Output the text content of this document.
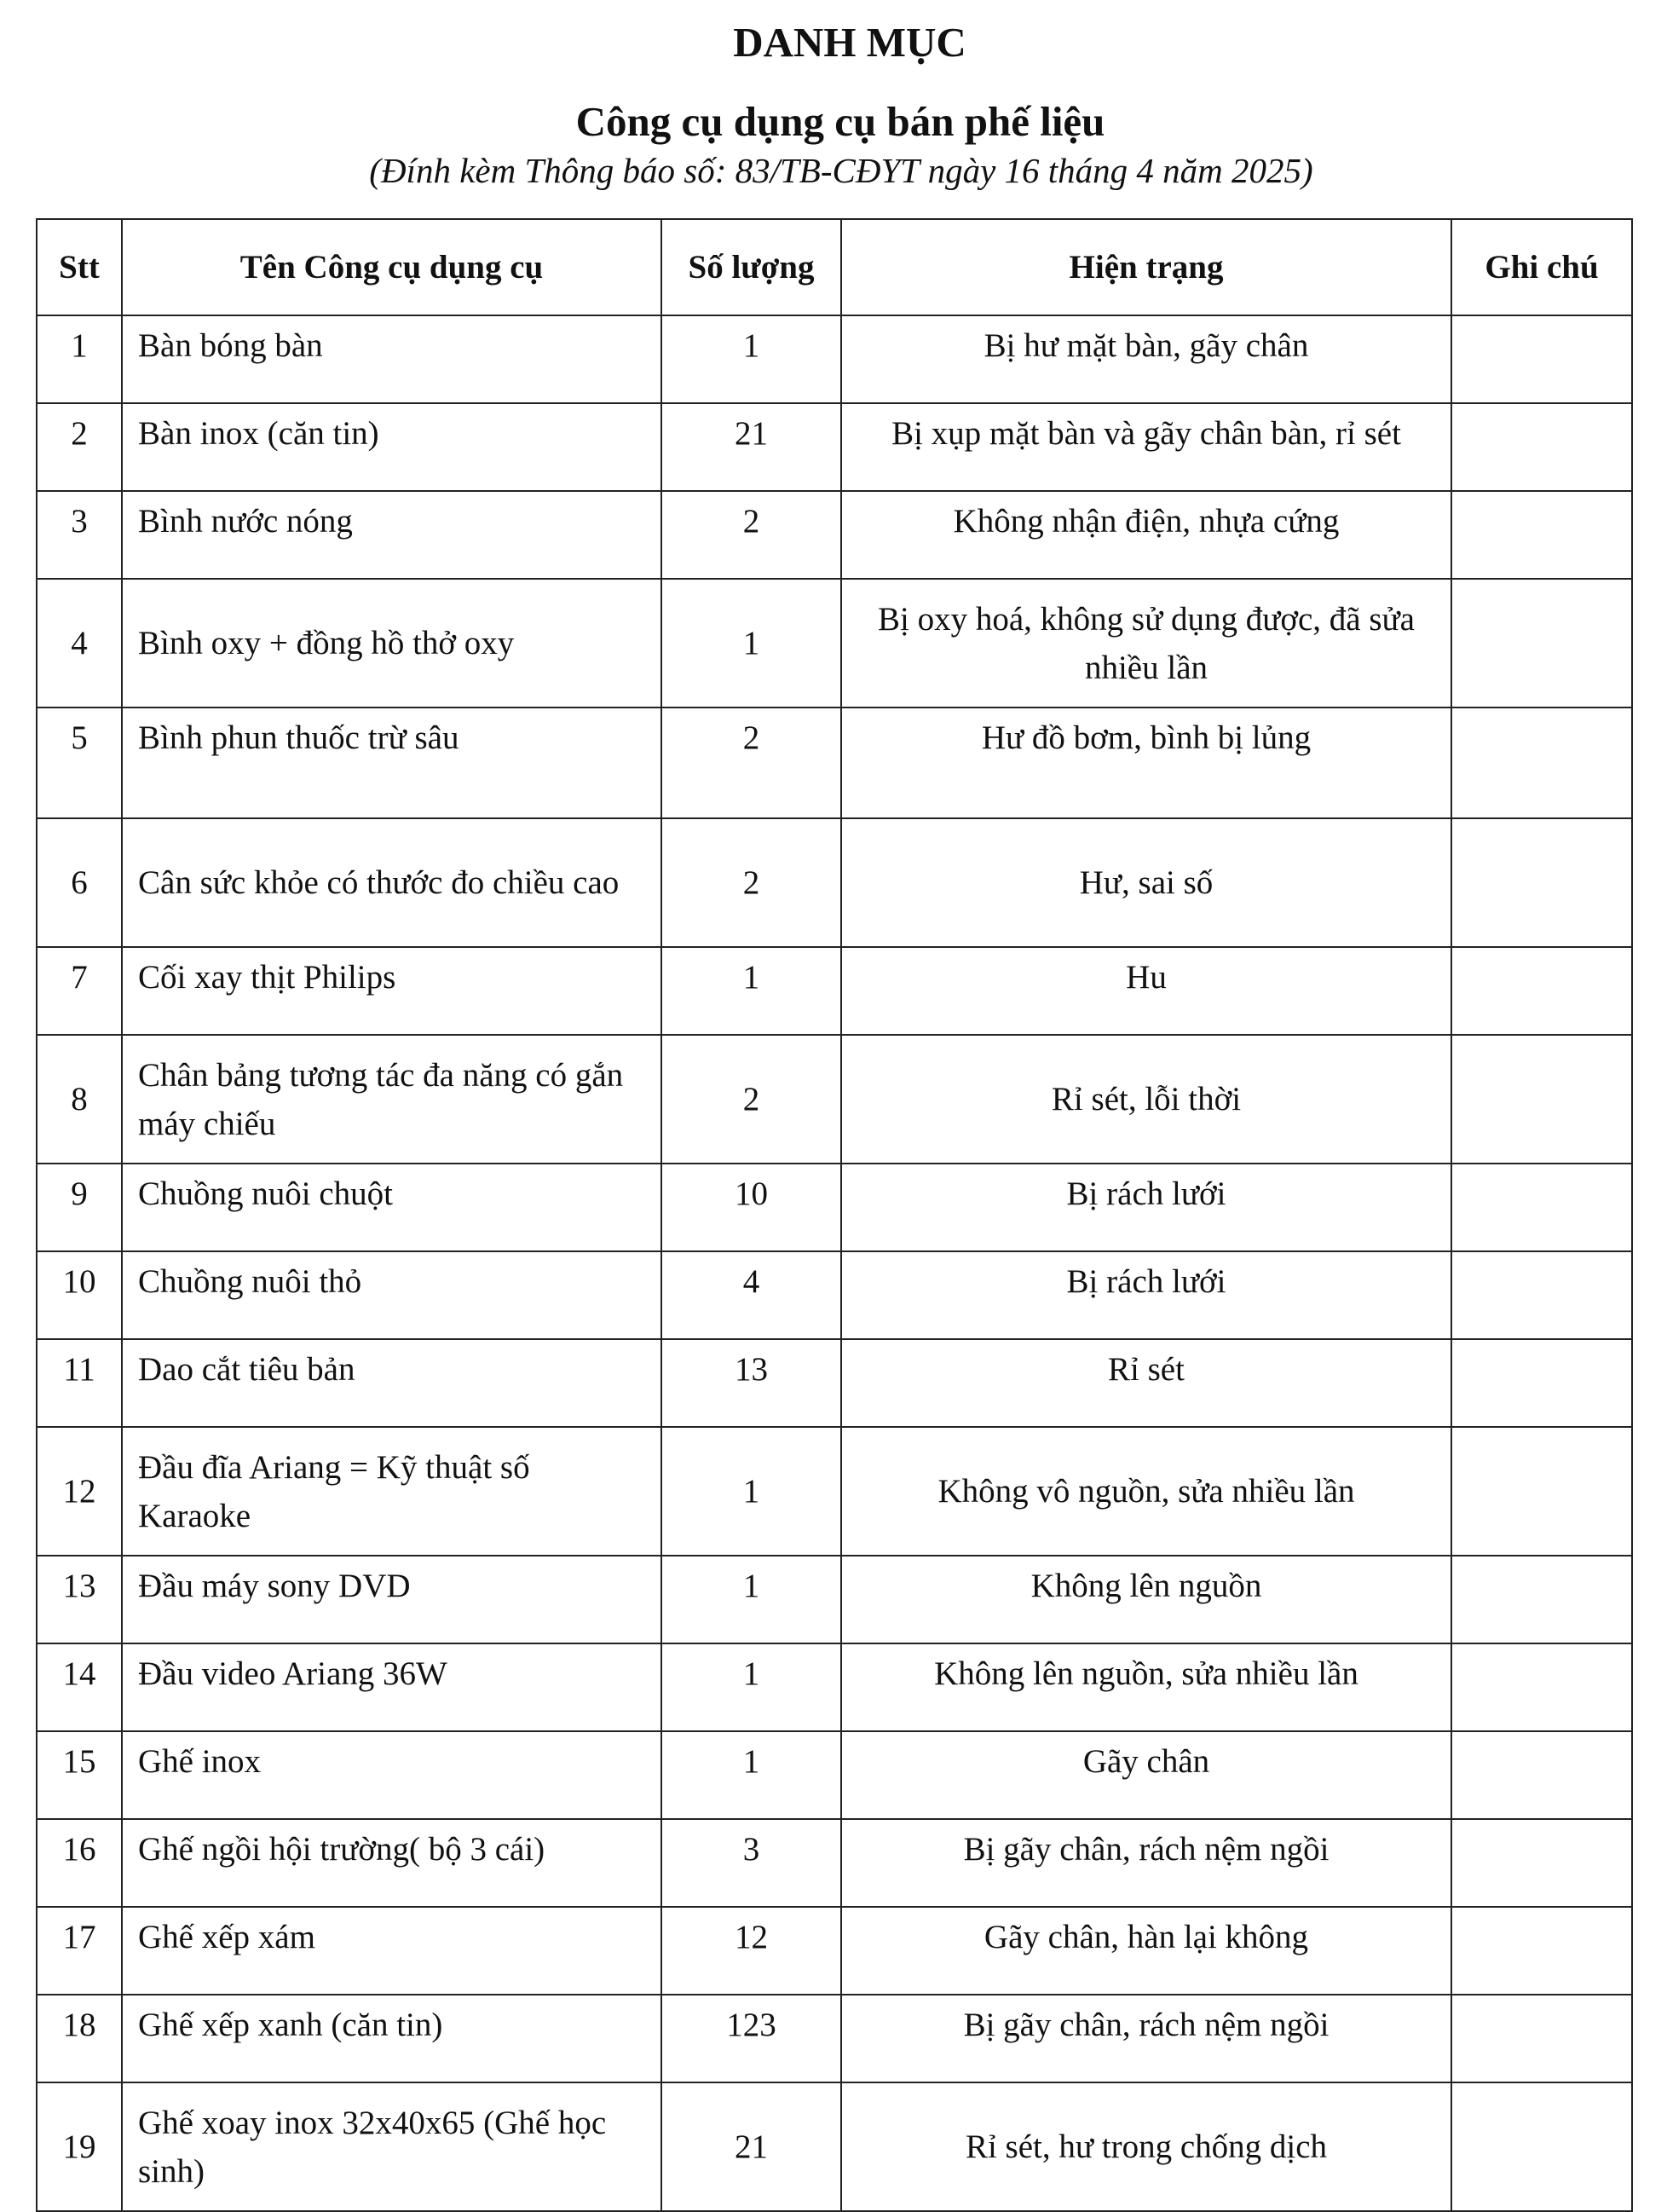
DANH MỤC
Công cụ dụng cụ bán phế liệu
(Đính kèm Thông báo số: 83/TB-CĐYT ngày 16 tháng 4 năm 2025)
Stt	Tên Công cụ dụng cụ	Số lượng	Hiện trạng	Ghi chú
1	Bàn bóng bàn	1	Bị hư mặt bàn, gãy chân	
2	Bàn inox (căn tin)	21	Bị xụp mặt bàn và gãy chân bàn, rỉ sét	
3	Bình nước nóng	2	Không nhận điện, nhựa cứng	
4	Bình oxy + đồng hồ thở oxy	1	Bị oxy hoá, không sử dụng được, đã sửa nhiều lần	
5	Bình phun thuốc trừ sâu	2	Hư đồ bơm, bình bị lủng	
6	Cân sức khỏe có thước đo chiều cao	2	Hư, sai số	
7	Cối xay thịt Philips	1	Hu	
8	Chân bảng tương tác đa năng có gắn máy chiếu	2	Rỉ sét, lỗi thời	
9	Chuồng nuôi chuột	10	Bị rách lưới	
10	Chuồng nuôi thỏ	4	Bị rách lưới	
11	Dao cắt tiêu bản	13	Rỉ sét	
12	Đầu đĩa Ariang = Kỹ thuật số Karaoke	1	Không vô nguồn, sửa nhiều lần	
13	Đầu máy sony DVD	1	Không lên nguồn	
14	Đầu video Ariang 36W	1	Không lên nguồn, sửa nhiều lần	
15	Ghế inox	1	Gãy chân	
16	Ghế ngồi hội trường( bộ 3 cái)	3	Bị gãy chân, rách nệm ngồi	
17	Ghế xếp xám	12	Gãy chân, hàn lại không	
18	Ghế xếp xanh (căn tin)	123	Bị gãy chân, rách nệm ngồi	
19	Ghế xoay inox 32x40x65 (Ghế học sinh)	21	Rỉ sét, hư trong chống dịch	
